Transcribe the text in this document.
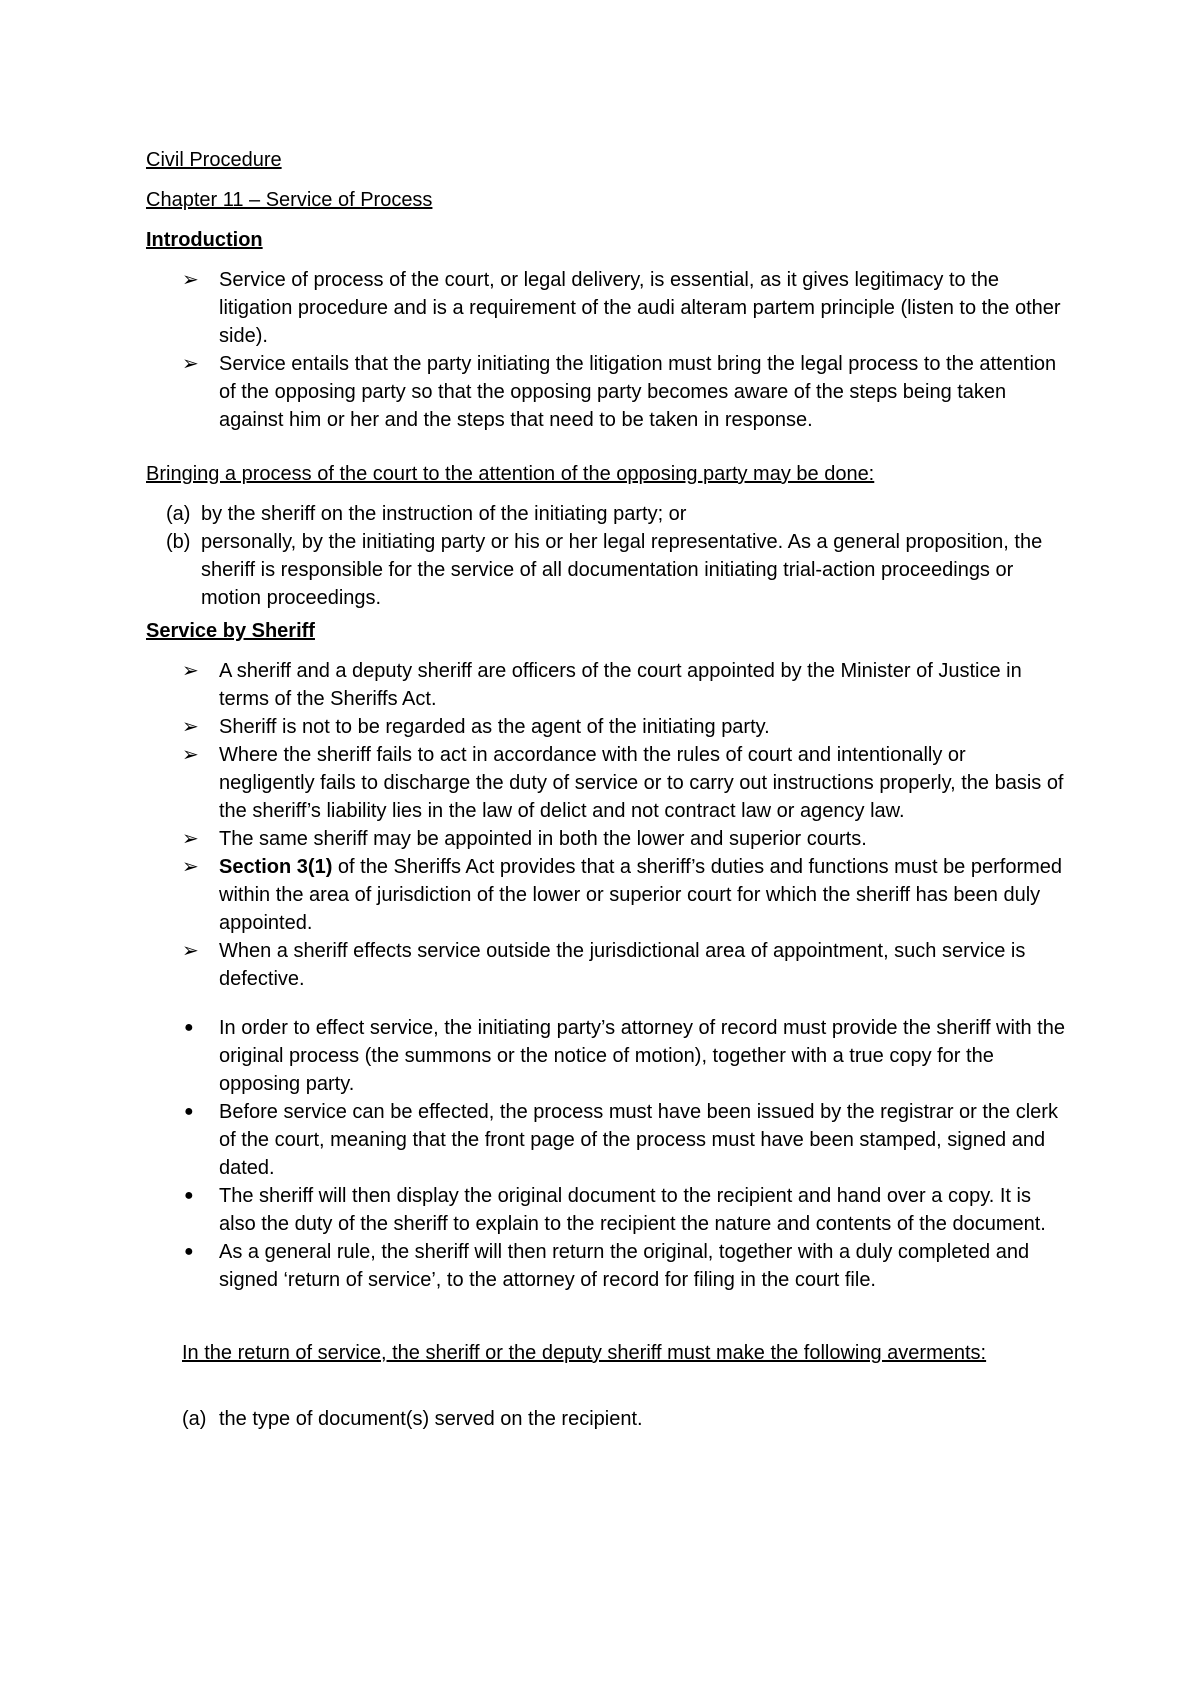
Civil Procedure

Chapter 11 – Service of Process

Introduction

➢ Service of process of the court, or legal delivery, is essential, as it gives legitimacy to the litigation procedure and is a requirement of the audi alteram partem principle (listen to the other side).
➢ Service entails that the party initiating the litigation must bring the legal process to the attention of the opposing party so that the opposing party becomes aware of the steps being taken against him or her and the steps that need to be taken in response.

Bringing a process of the court to the attention of the opposing party may be done:

(a) by the sheriff on the instruction of the initiating party; or
(b) personally, by the initiating party or his or her legal representative. As a general proposition, the sheriff is responsible for the service of all documentation initiating trial-action proceedings or motion proceedings.

Service by Sheriff

➢ A sheriff and a deputy sheriff are officers of the court appointed by the Minister of Justice in terms of the Sheriffs Act.
➢ Sheriff is not to be regarded as the agent of the initiating party.
➢ Where the sheriff fails to act in accordance with the rules of court and intentionally or negligently fails to discharge the duty of service or to carry out instructions properly, the basis of the sheriff’s liability lies in the law of delict and not contract law or agency law.
➢ The same sheriff may be appointed in both the lower and superior courts.
➢ Section 3(1) of the Sheriffs Act provides that a sheriff’s duties and functions must be performed within the area of jurisdiction of the lower or superior court for which the sheriff has been duly appointed.
➢ When a sheriff effects service outside the jurisdictional area of appointment, such service is defective.
● In order to effect service, the initiating party’s attorney of record must provide the sheriff with the original process (the summons or the notice of motion), together with a true copy for the opposing party.
● Before service can be effected, the process must have been issued by the registrar or the clerk of the court, meaning that the front page of the process must have been stamped, signed and dated.
● The sheriff will then display the original document to the recipient and hand over a copy. It is also the duty of the sheriff to explain to the recipient the nature and contents of the document.
● As a general rule, the sheriff will then return the original, together with a duly completed and signed ‘return of service’, to the attorney of record for filing in the court file.

In the return of service, the sheriff or the deputy sheriff must make the following averments:

(a) the type of document(s) served on the recipient.
